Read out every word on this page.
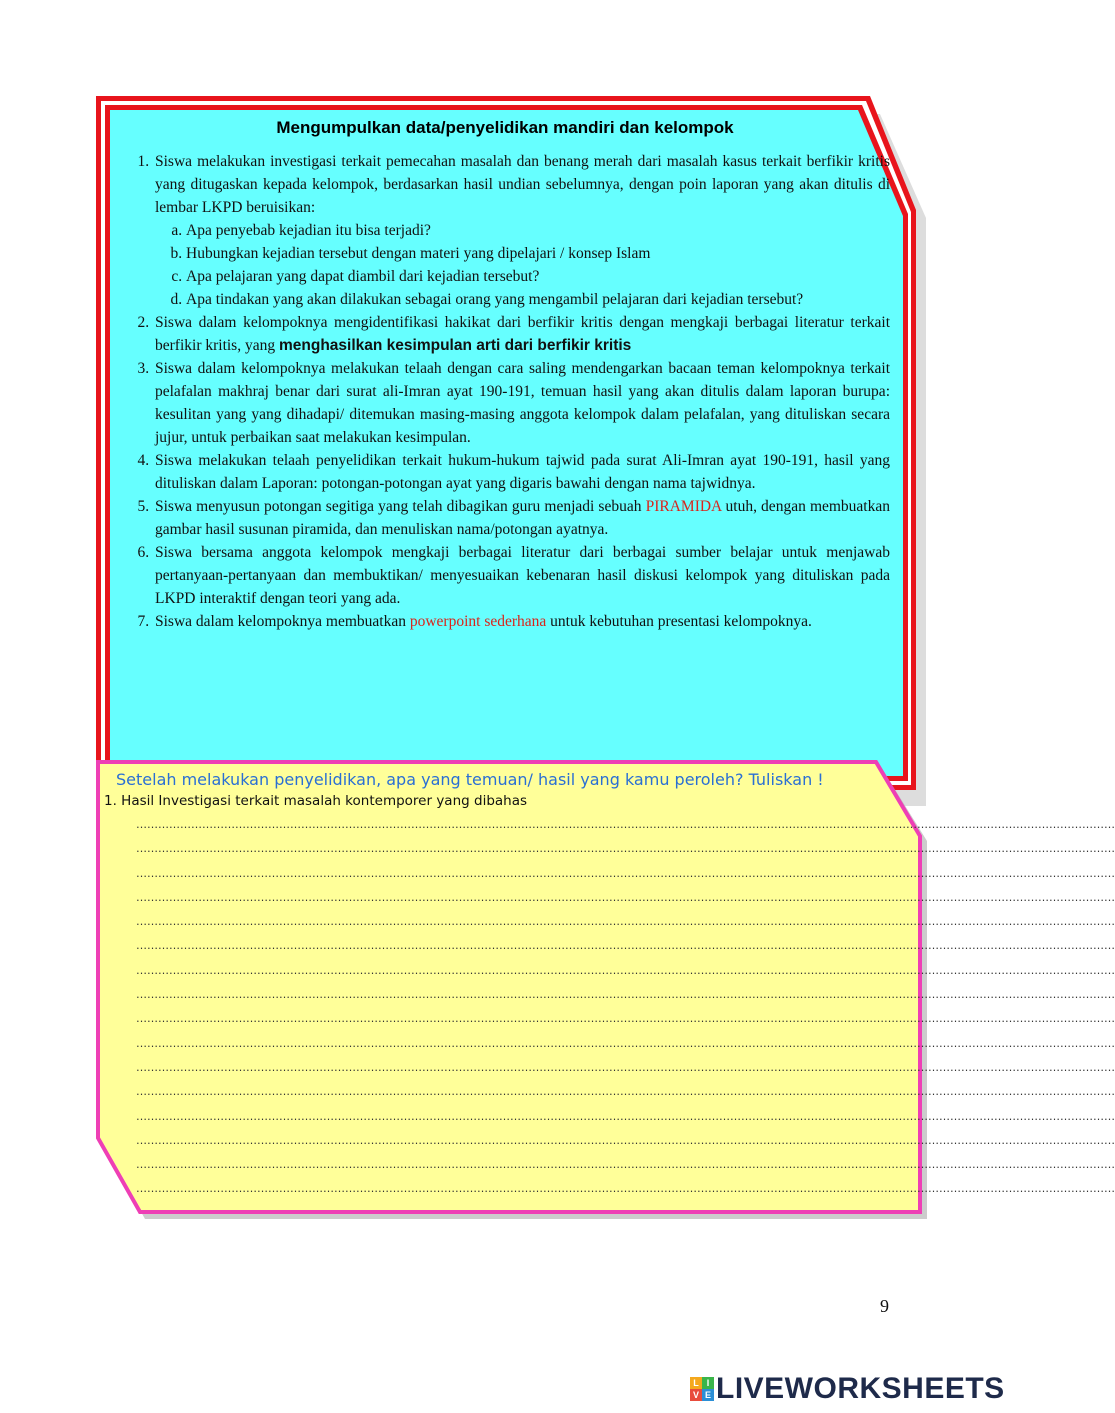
Mengumpulkan data/penyelidikan mandiri dan kelompok
1. Siswa melakukan investigasi terkait pemecahan masalah dan benang merah dari masalah kasus terkait berfikir kritis yang ditugaskan kepada kelompok, berdasarkan hasil undian sebelumnya, dengan poin laporan yang akan ditulis di lembar LKPD beruisikan:
a. Apa penyebab kejadian itu bisa terjadi?
b. Hubungkan kejadian tersebut dengan materi yang dipelajari / konsep Islam
c. Apa pelajaran yang dapat diambil dari kejadian tersebut?
d. Apa tindakan yang akan dilakukan sebagai orang yang mengambil pelajaran dari kejadian tersebut?
2. Siswa dalam kelompoknya mengidentifikasi hakikat dari berfikir kritis dengan mengkaji berbagai literatur terkait berfikir kritis, yang menghasilkan kesimpulan arti dari berfikir kritis
3. Siswa dalam kelompoknya melakukan telaah dengan cara saling mendengarkan bacaan teman kelompoknya terkait pelafalan makhraj benar dari surat ali-Imran ayat 190-191, temuan hasil yang akan ditulis dalam laporan burupa: kesulitan yang yang dihadapi/ ditemukan masing-masing anggota kelompok dalam pelafalan, yang dituliskan secara jujur, untuk perbaikan saat melakukan kesimpulan.
4. Siswa melakukan telaah penyelidikan terkait hukum-hukum tajwid pada surat Ali-Imran ayat 190-191, hasil yang dituliskan dalam Laporan: potongan-potongan ayat yang digaris bawahi dengan nama tajwidnya.
5. Siswa menyusun potongan segitiga yang telah dibagikan guru menjadi sebuah PIRAMIDA utuh, dengan membuatkan gambar hasil susunan piramida, dan menuliskan nama/potongan ayatnya.
6. Siswa bersama anggota kelompok mengkaji berbagai literatur dari berbagai sumber belajar untuk menjawab pertanyaan-pertanyaan dan membuktikan/ menyesuaikan kebenaran hasil diskusi kelompok yang dituliskan pada LKPD interaktif dengan teori yang ada.
7. Siswa dalam kelompoknya membuatkan powerpoint sederhana untuk kebutuhan presentasi kelompoknya.
Setelah melakukan penyelidikan, apa yang temuan/ hasil yang kamu peroleh? Tuliskan !
1. Hasil Investigasi terkait masalah kontemporer yang dibahas
……………………………………………………………………………………………………………………………………………………………………………………………………………………………………………
……………………………………………………………………………………………………………………………………………………………………………………………………………………………………………
……………………………………………………………………………………………………………………………………………………………………………………………………………………………………………
……………………………………………………………………………………………………………………………………………………………………………………………………………………………………………
……………………………………………………………………………………………………………………………………………………………………………………………………………………………………………
……………………………………………………………………………………………………………………………………………………………………………………………………………………………………………
……………………………………………………………………………………………………………………………………………………………………………………………………………………………………………
……………………………………………………………………………………………………………………………………………………………………………………………………………………………………………
……………………………………………………………………………………………………………………………………………………………………………………………………………………………………………
……………………………………………………………………………………………………………………………………………………………………………………………………………………………………………
……………………………………………………………………………………………………………………………………………………………………………………………………………………………………………
……………………………………………………………………………………………………………………………………………………………………………………………………………………………………………
……………………………………………………………………………………………………………………………………………………………………………………………………………………………………………
……………………………………………………………………………………………………………………………………………………………………………………………………………………………………………
……………………………………………………………………………………………………………………………………………………………………………………………………………………………………………
……………………………………………………………………………………………………………………………………………………………………………………………………………………………………………
9
L I
V E LIVEWORKSHEETS
